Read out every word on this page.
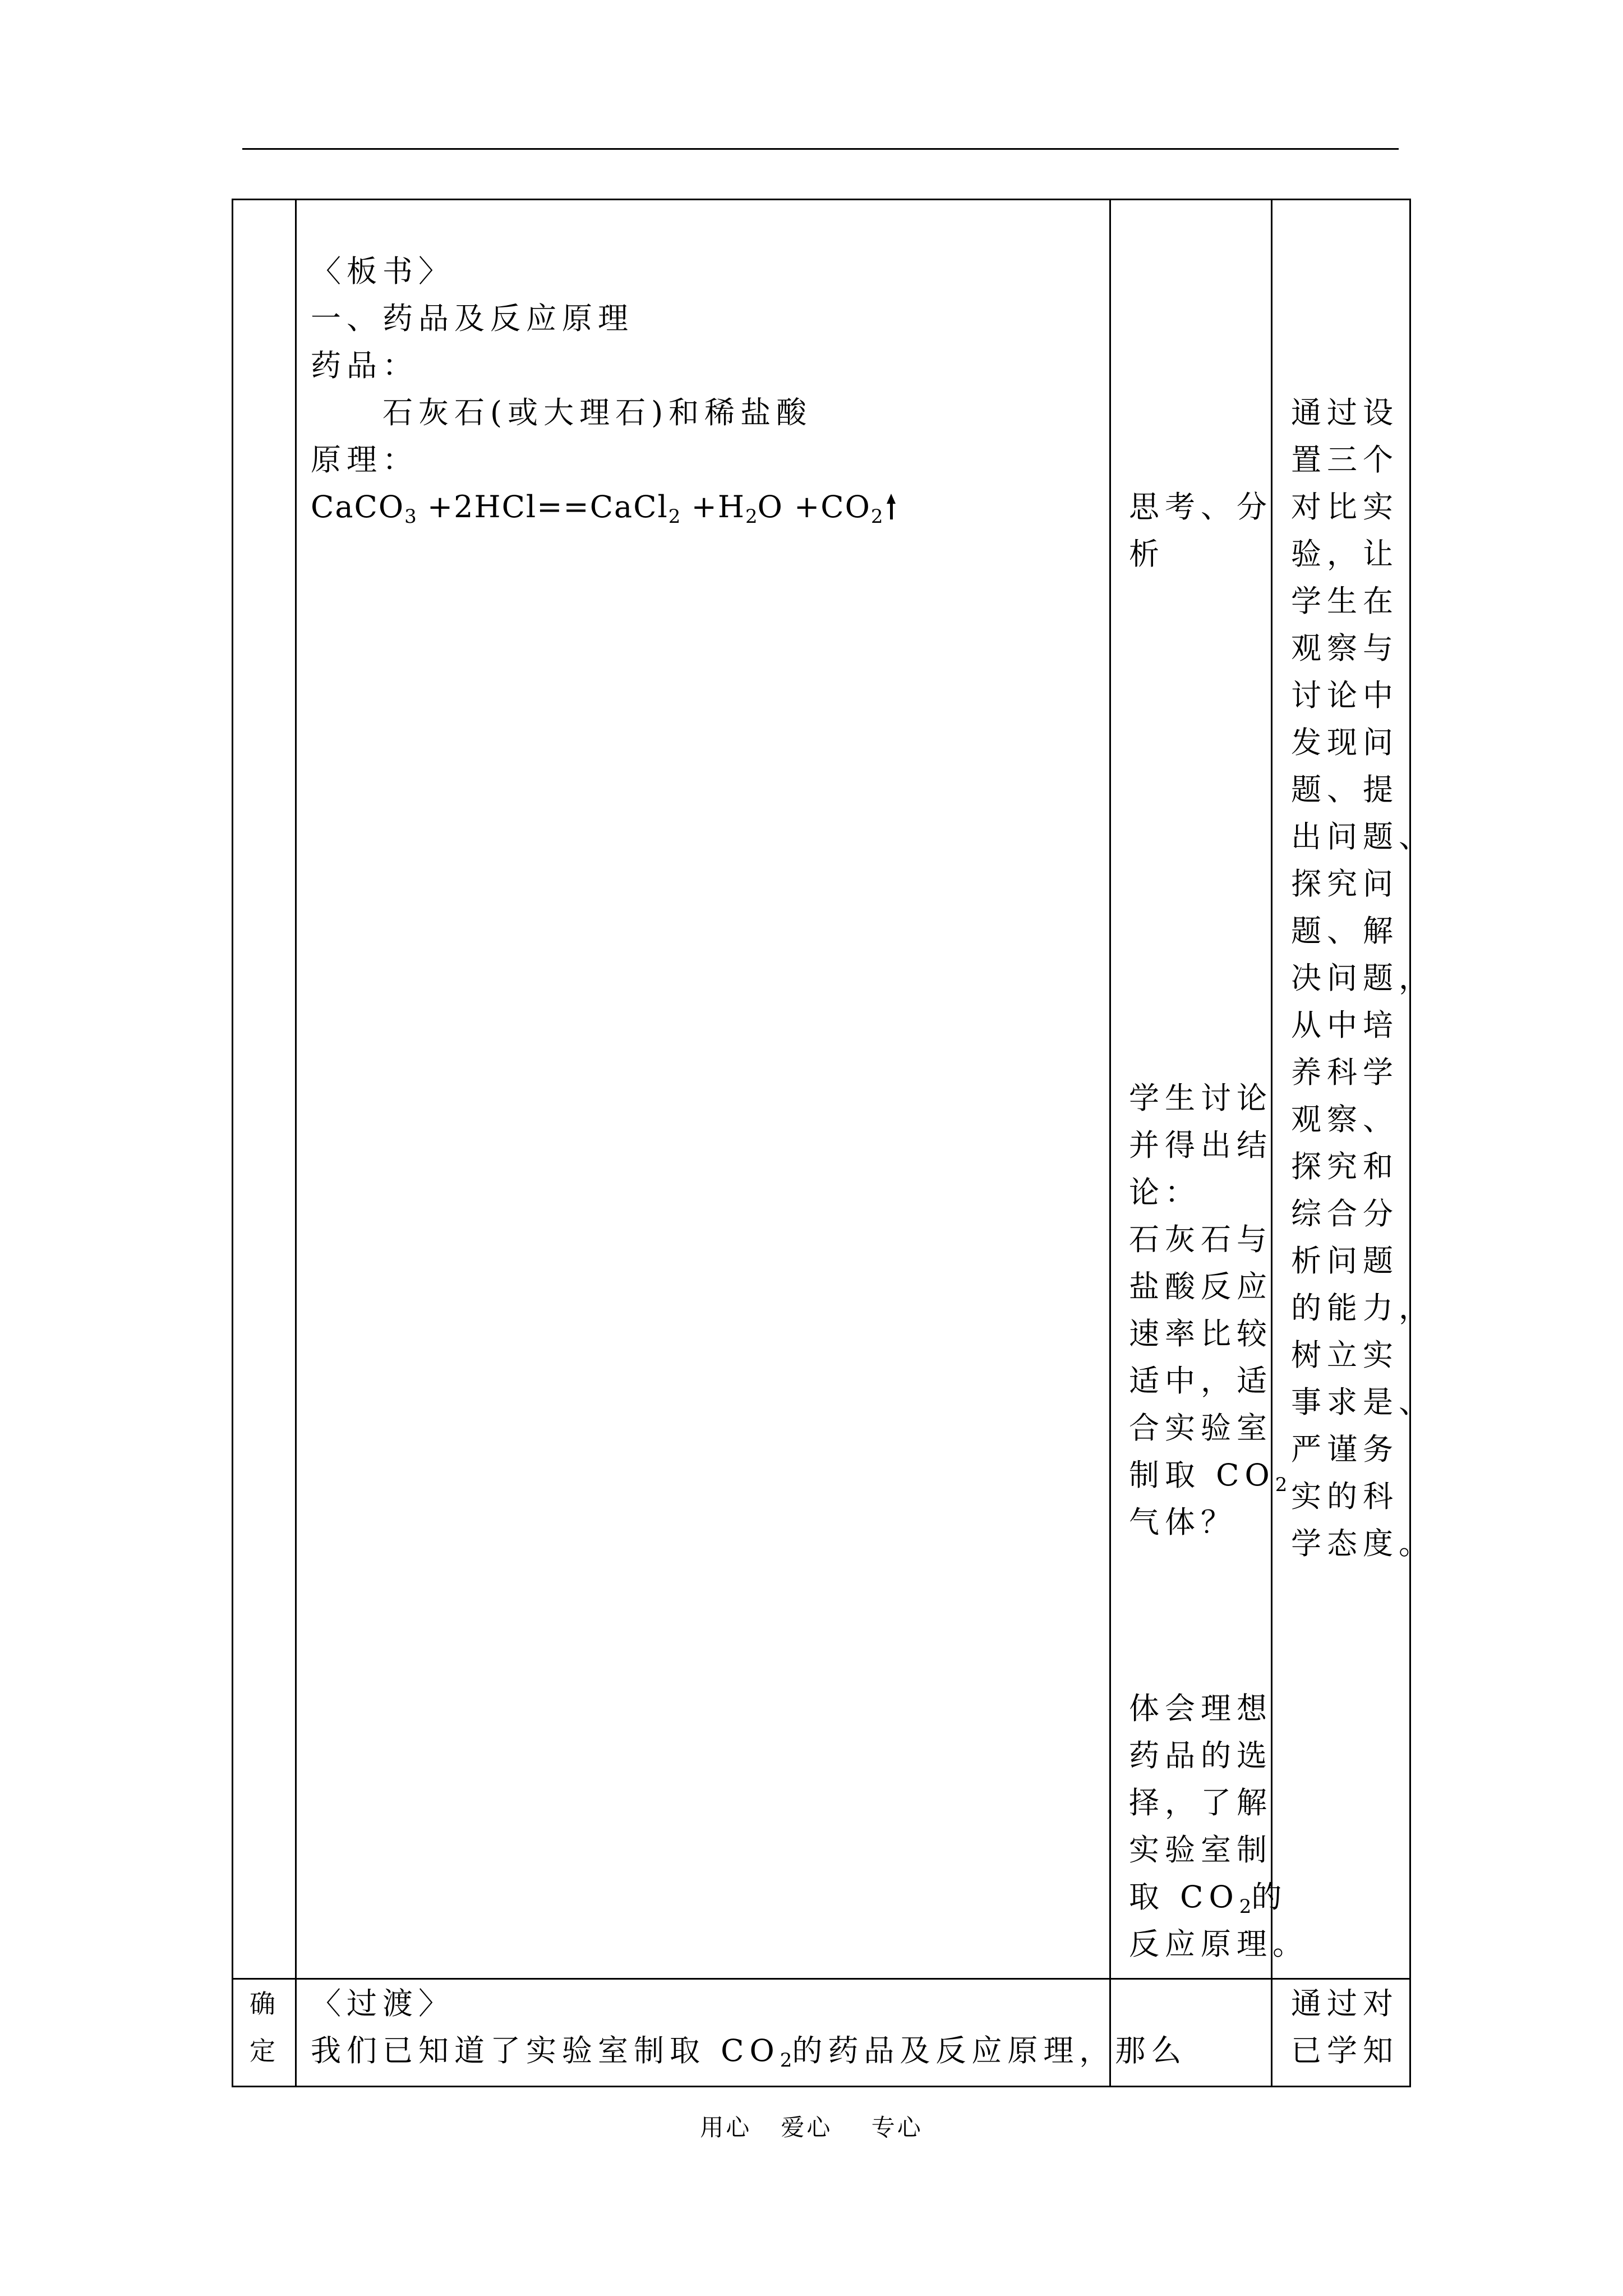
〈板书〉
一、药品及反应原理
药品：
石灰石(或大理石)和稀盐酸
原理：
CaCO$_3$ +2HCl==CaCl$_2$ $+H_2O +CO_2$	思考、分
析
学生讨论
并得出结
论：
石灰石与
盐酸反应
速率比较
适中，适
合实验室
制取 $CO_2$
气体？
体会理想
药品的选
择，了解
实验室制
取 $CO_2$的
反应原理。
通过设
置三个
对比实
验，让
学生在
观察与
讨论中
发现问
题、提
出问题、
探究问
题、解
决问题，
从中培
养科学
观察、
探究和
综合分
析问题
的能力，
树立实
事求是、
严谨务
实的科
学态度。
确
定
〈过渡〉
我们已知道了实验室制取 $CO_2$的药品及反应原理，那么
通过对
已学知
用心   爱心    专心
